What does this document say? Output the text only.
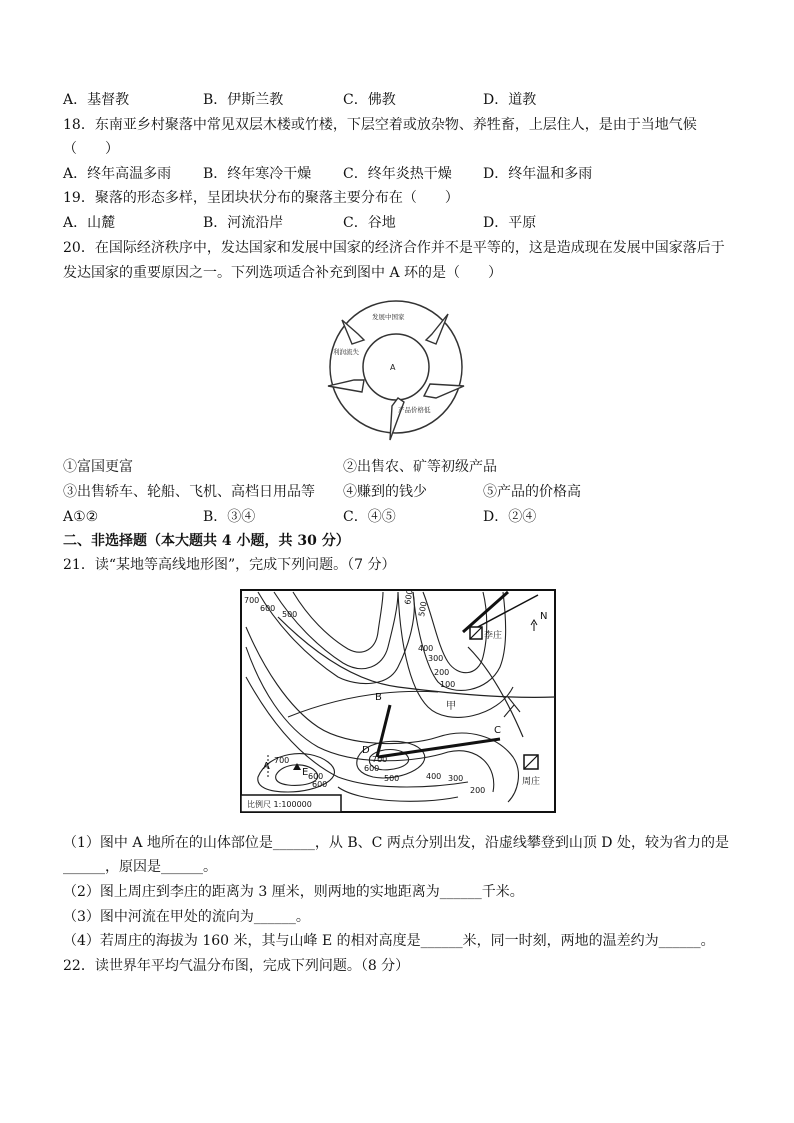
A．基督教	B．伊斯兰教	C．佛教	D．道教
18．东南亚乡村聚落中常见双层木楼或竹楼，下层空着或放杂物、养牲畜，上层住人，是由于当地气候
（　　）
A．终年高温多雨 B．终年寒冷干燥 C．终年炎热干燥 D．终年温和多雨
19．聚落的形态多样，呈团块状分布的聚落主要分布在（　　）
A．山麓	B．河流沿岸	C．谷地	D．平原
20．在国际经济秩序中，发达国家和发展中国家的经济合作并不是平等的，这是造成现在发展中国家落后于
发达国家的重要原因之一。下列选项适合补充到图中 A 环的是（　　）
发展中国家
利润流失
产品价格低
A
①富国更富	②出售农、矿等初级产品
③出售轿车、轮船、飞机、高档日用品等 ④赚到的钱少	⑤产品的价格高
A①②	B．③④	C．④⑤	D．②④
二、非选择题（本大题共 4 小题，共 30 分）
21．读“某地等高线地形图”，完成下列问题。（7 分）
N
李庄
周庄
A
B
C
D
E
甲
700
600
500
600
500
400
300
200
100
700
600
700
600
500	400 300
200
600
比例尺 1:100000
（1）图中 A 地所在的山体部位是______，从 B、C 两点分别出发，沿虚线攀登到山顶 D 处，较为省力的是
______，原因是______。
（2）图上周庄到李庄的距离为 3 厘米，则两地的实地距离为______千米。
（3）图中河流在甲处的流向为______。
（4）若周庄的海拔为 160 米，其与山峰 E 的相对高度是______米，同一时刻，两地的温差约为______。
22．读世界年平均气温分布图，完成下列问题。（8 分）
